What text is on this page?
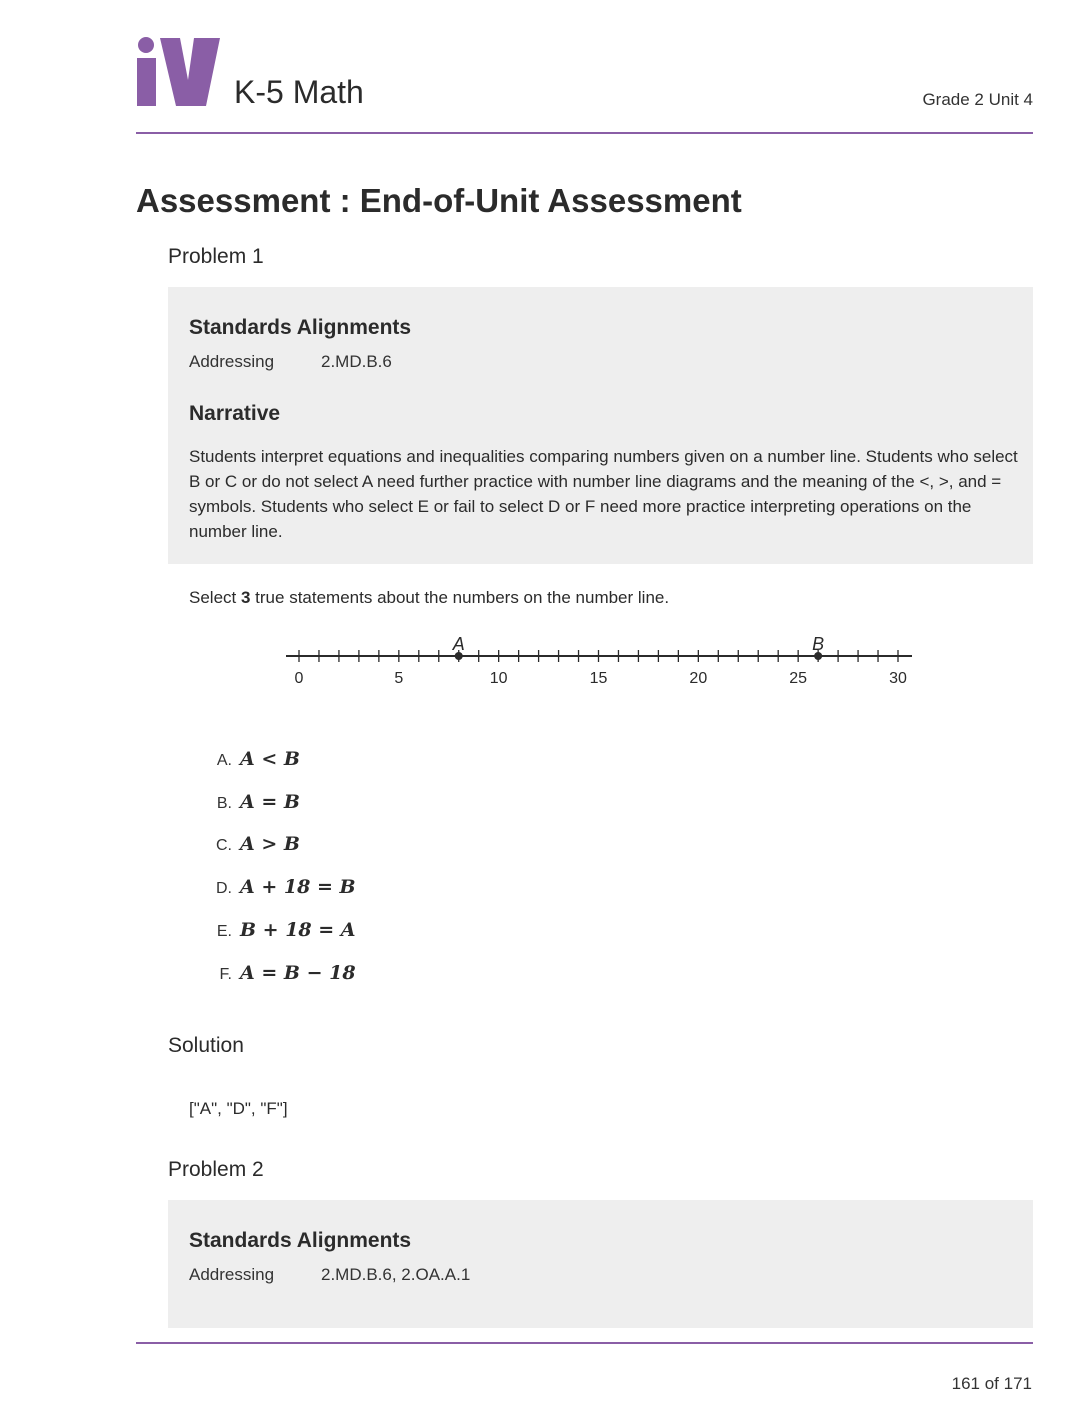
K-5 Math	Grade 2 Unit 4
Assessment : End-of-Unit Assessment
Problem 1
Standards Alignments
Addressing	2.MD.B.6
Narrative
Students interpret equations and inequalities comparing numbers given on a number line. Students who select B or C or do not select A need further practice with number line diagrams and the meaning of the <, >, and = symbols. Students who select E or fail to select D or F need more practice interpreting operations on the number line.
Select 3 true statements about the numbers on the number line.
0	5	10	15	20	25	30
A	B
A. A < B
B. A = B
C. A > B
D. A + 18 = B
E. B + 18 = A
F. A = B − 18
Solution
["A", "D", "F"]
Problem 2
Standards Alignments
Addressing	2.MD.B.6, 2.OA.A.1
161 of 171
